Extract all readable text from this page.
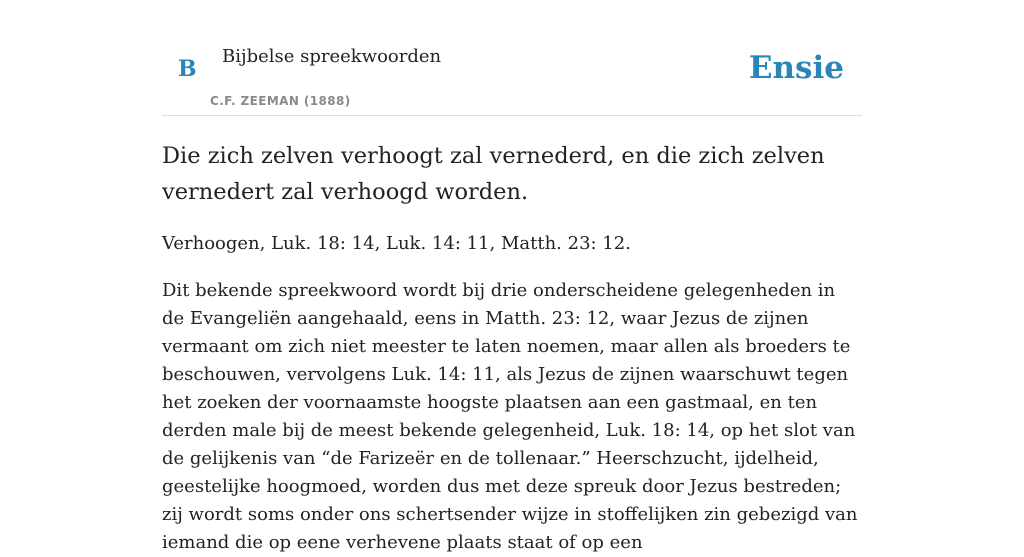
B Bijbelse spreekwoorden
C.F. ZEEMAN (1888)
Ensie
Die zich zelven verhoogt zal vernederd, en die zich zelven vernedert zal verhoogd worden.

Verhoogen, Luk. 18: 14, Luk. 14: 11, Matth. 23: 12.

Dit bekende spreekwoord wordt bij drie onderscheidene gelegenheden in de Evangeliën aangehaald, eens in Matth. 23: 12, waar Jezus de zijnen vermaant om zich niet meester te laten noemen, maar allen als broeders te beschouwen, vervolgens Luk. 14: 11, als Jezus de zijnen waarschuwt tegen het zoeken der voornaamste hoogste plaatsen aan een gastmaal, en ten derden male bij de meest bekende gelegenheid, Luk. 18: 14, op het slot van de gelijkenis van “de Farizeër en de tollenaar.” Heerschzucht, ijdelheid, geestelijke hoogmoed, worden dus met deze spreuk door Jezus bestreden; zij wordt soms onder ons schertsender wijze in stoffelijken zin gebezigd van iemand die op eene verhevene plaats staat of op een
